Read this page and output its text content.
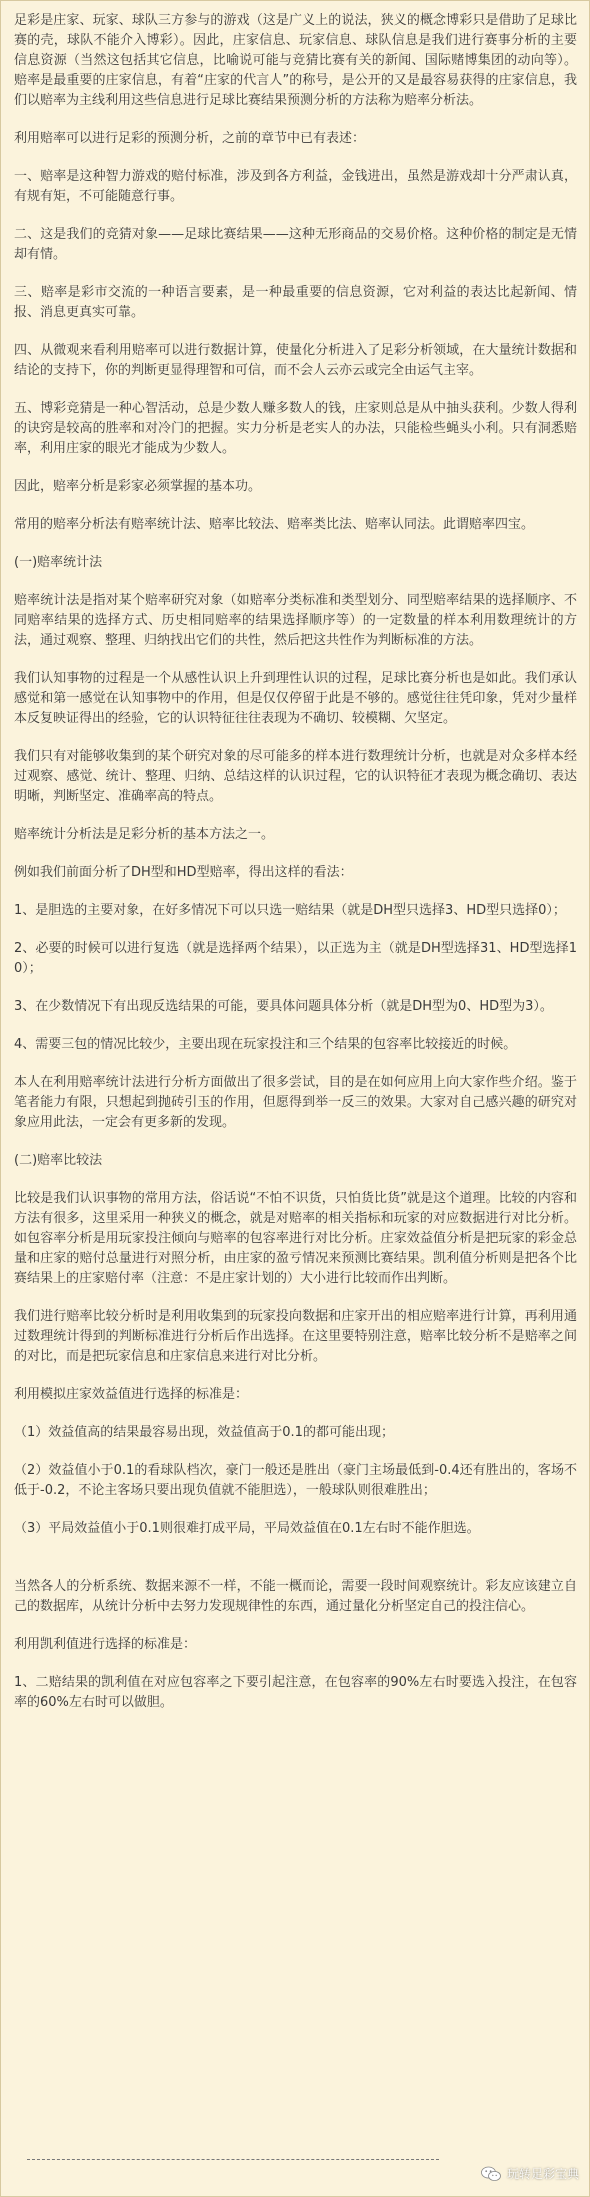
足彩是庄家、玩家、球队三方参与的游戏（这是广义上的说法，狭义的概念博彩只是借助了足球比赛的壳，球队不能介入博彩）。因此，庄家信息、玩家信息、球队信息是我们进行赛事分析的主要信息资源（当然这包括其它信息，比喻说可能与竞猜比赛有关的新闻、国际赌博集团的动向等）。赔率是最重要的庄家信息，有着“庄家的代言人”的称号，是公开的又是最容易获得的庄家信息，我们以赔率为主线利用这些信息进行足球比赛结果预测分析的方法称为赔率分析法。

利用赔率可以进行足彩的预测分析，之前的章节中已有表述：

一、赔率是这种智力游戏的赔付标准，涉及到各方利益，金钱进出，虽然是游戏却十分严肃认真，有规有矩，不可能随意行事。

二、这是我们的竞猜对象——足球比赛结果——这种无形商品的交易价格。这种价格的制定是无情却有情。

三、赔率是彩市交流的一种语言要素，是一种最重要的信息资源，它对利益的表达比起新闻、情报、消息更真实可靠。

四、从微观来看利用赔率可以进行数据计算，使量化分析进入了足彩分析领域，在大量统计数据和结论的支持下，你的判断更显得理智和可信，而不会人云亦云或完全由运气主宰。

五、博彩竞猜是一种心智活动，总是少数人赚多数人的钱，庄家则总是从中抽头获利。少数人得利的诀窍是较高的胜率和对冷门的把握。实力分析是老实人的办法，只能检些蝇头小利。只有洞悉赔率，利用庄家的眼光才能成为少数人。

因此，赔率分析是彩家必须掌握的基本功。

常用的赔率分析法有赔率统计法、赔率比较法、赔率类比法、赔率认同法。此谓赔率四宝。

(一)赔率统计法

赔率统计法是指对某个赔率研究对象（如赔率分类标准和类型划分、同型赔率结果的选择顺序、不同赔率结果的选择方式、历史相同赔率的结果选择顺序等）的一定数量的样本利用数理统计的方法，通过观察、整理、归纳找出它们的共性，然后把这共性作为判断标准的方法。

我们认知事物的过程是一个从感性认识上升到理性认识的过程，足球比赛分析也是如此。我们承认感觉和第一感觉在认知事物中的作用，但是仅仅停留于此是不够的。感觉往往凭印象，凭对少量样本反复映证得出的经验，它的认识特征往往表现为不确切、较模糊、欠坚定。

我们只有对能够收集到的某个研究对象的尽可能多的样本进行数理统计分析，也就是对众多样本经过观察、感觉、统计、整理、归纳、总结这样的认识过程，它的认识特征才表现为概念确切、表达明晰，判断坚定、准确率高的特点。

赔率统计分析法是足彩分析的基本方法之一。

例如我们前面分析了DH型和HD型赔率，得出这样的看法：

1、是胆选的主要对象，在好多情况下可以只选一赔结果（就是DH型只选择3、HD型只选择0）；

2、必要的时候可以进行复选（就是选择两个结果），以正选为主（就是DH型选择31、HD型选择10）；

3、在少数情况下有出现反选结果的可能，要具体问题具体分析（就是DH型为0、HD型为3）。

4、需要三包的情况比较少，主要出现在玩家投注和三个结果的包容率比较接近的时候。

本人在利用赔率统计法进行分析方面做出了很多尝试，目的是在如何应用上向大家作些介绍。鉴于笔者能力有限，只想起到抛砖引玉的作用，但愿得到举一反三的效果。大家对自己感兴趣的研究对象应用此法，一定会有更多新的发现。

(二)赔率比较法

比较是我们认识事物的常用方法，俗话说“不怕不识货，只怕货比货”就是这个道理。比较的内容和方法有很多，这里采用一种狭义的概念，就是对赔率的相关指标和玩家的对应数据进行对比分析。如包容率分析是用玩家投注倾向与赔率的包容率进行对比分析。庄家效益值分析是把玩家的彩金总量和庄家的赔付总量进行对照分析，由庄家的盈亏情况来预测比赛结果。凯利值分析则是把各个比赛结果上的庄家赔付率（注意：不是庄家计划的）大小进行比较而作出判断。

我们进行赔率比较分析时是利用收集到的玩家投向数据和庄家开出的相应赔率进行计算，再利用通过数理统计得到的判断标准进行分析后作出选择。在这里要特别注意，赔率比较分析不是赔率之间的对比，而是把玩家信息和庄家信息来进行对比分析。

利用模拟庄家效益值进行选择的标准是：

（1）效益值高的结果最容易出现，效益值高于0.1的都可能出现；

（2）效益值小于0.1的看球队档次，豪门一般还是胜出（豪门主场最低到-0.4还有胜出的，客场不低于-0.2，不论主客场只要出现负值就不能胆选），一般球队则很难胜出；

（3）平局效益值小于0.1则很难打成平局，平局效益值在0.1左右时不能作胆选。

当然各人的分析系统、数据来源不一样，不能一概而论，需要一段时间观察统计。彩友应该建立自己的数据库，从统计分析中去努力发现规律性的东西，通过量化分析坚定自己的投注信心。

利用凯利值进行选择的标准是：

1、二赔结果的凯利值在对应包容率之下要引起注意，在包容率的90%左右时要选入投注，在包容率的60%左右时可以做胆。

玩转足彩宝典
